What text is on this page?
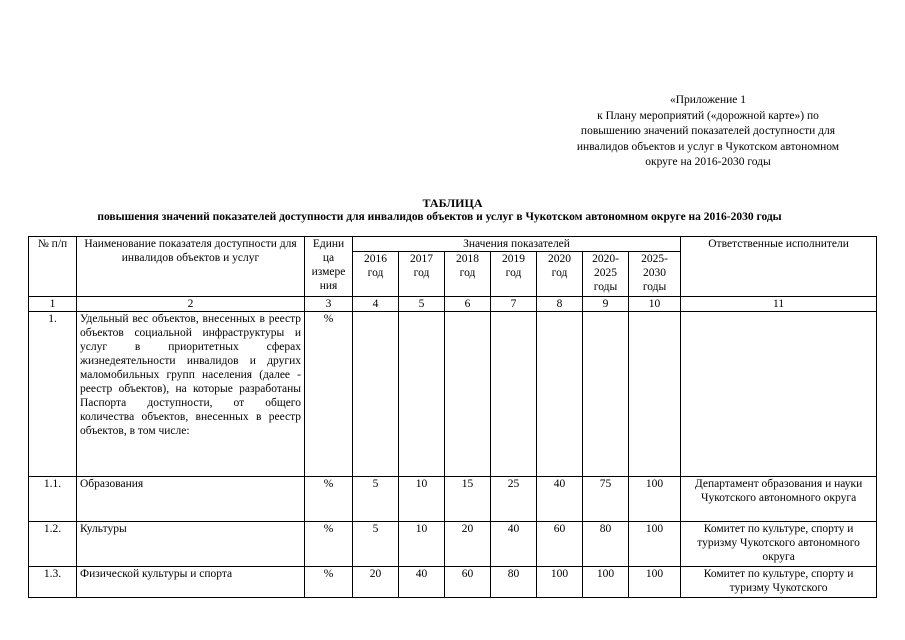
«Приложение 1
к Плану мероприятий («дорожной карте») по
повышению значений показателей доступности для
инвалидов объектов и услуг в Чукотском автономном
округе на 2016-2030 годы
ТАБЛИЦА
повышения значений показателей доступности для инвалидов объектов и услуг в Чукотском автономном округе на 2016-2030 годы
№ п/п	Наименование показателя доступности для инвалидов объектов и услуг	Едини ца измере ния	Значения показателей							Ответственные исполнители
			2016 год	2017 год	2018 год	2019 год	2020 год	2020-2025 годы	2025-2030 годы	
1	2	3	4	5	6	7	8	9	10	11
1.	Удельный вес объектов, внесенных в реестр объектов социальной инфраструктуры и услуг в приоритетных сферах жизнедеятельности инвалидов и других маломобильных групп населения (далее - реестр объектов), на которые разработаны Паспорта доступности, от общего количества объектов, внесенных в реестр объектов, в том числе:	%								
1.1.	Образования	%	5	10	15	25	40	75	100	Департамент образования и науки Чукотского автономного округа
1.2.	Культуры	%	5	10	20	40	60	80	100	Комитет по культуре, спорту и туризму Чукотского автономного округа
1.3.	Физической культуры и спорта	%	20	40	60	80	100	100	100	Комитет по культуре, спорту и туризму Чукотского
